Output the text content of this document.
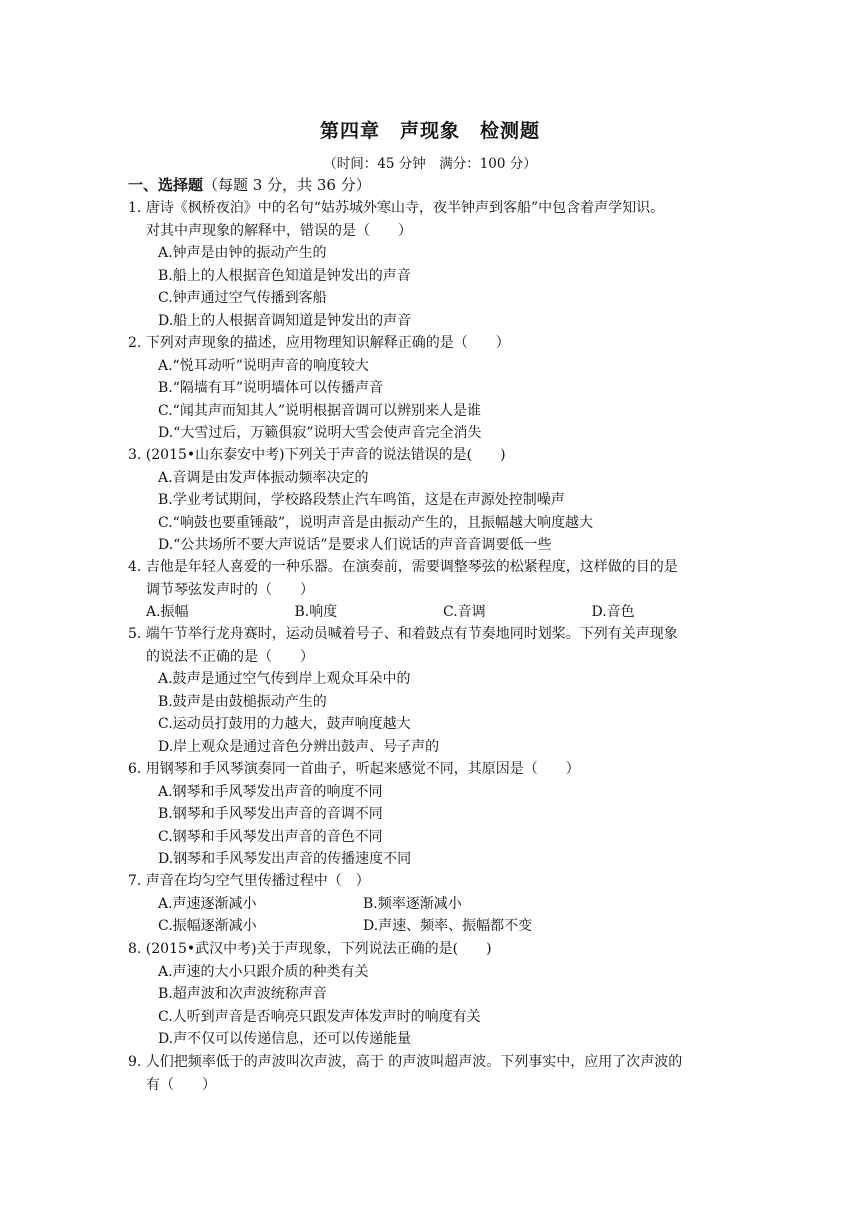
第四章　声现象　检测题
（时间：45 分钟　满分：100 分）
一、选择题（每题 3 分，共 36 分）
1. 唐诗《枫桥夜泊》中的名句“姑苏城外寒山寺，夜半钟声到客船”中包含着声学知识。
对其中声现象的解释中，错误的是（　　）
A.钟声是由钟的振动产生的
B.船上的人根据音色知道是钟发出的声音
C.钟声通过空气传播到客船
D.船上的人根据音调知道是钟发出的声音
2. 下列对声现象的描述，应用物理知识解释正确的是（　　）
A.“悦耳动听”说明声音的响度较大
B.“隔墙有耳”说明墙体可以传播声音
C.“闻其声而知其人”说明根据音调可以辨别来人是谁
D.“大雪过后，万籁俱寂”说明大雪会使声音完全消失
3. (2015•山东泰安中考)下列关于声音的说法错误的是(　　)
A.音调是由发声体振动频率决定的
B.学业考试期间，学校路段禁止汽车鸣笛，这是在声源处控制噪声
C.“响鼓也要重锤敲”，说明声音是由振动产生的，且振幅越大响度越大
D.“公共场所不要大声说话”是要求人们说话的声音音调要低一些
4. 吉他是年轻人喜爱的一种乐器。在演奏前，需要调整琴弦的松紧程度，这样做的目的是
调节琴弦发声时的（　　）
A.振幅	B.响度	C.音调	D.音色
5. 端午节举行龙舟赛时，运动员喊着号子、和着鼓点有节奏地同时划桨。下列有关声现象
的说法不正确的是（　　）
A.鼓声是通过空气传到岸上观众耳朵中的
B.鼓声是由鼓槌振动产生的
C.运动员打鼓用的力越大，鼓声响度越大
D.岸上观众是通过音色分辨出鼓声、号子声的
6. 用钢琴和手风琴演奏同一首曲子，听起来感觉不同，其原因是（　　）
A.钢琴和手风琴发出声音的响度不同
B.钢琴和手风琴发出声音的音调不同
C.钢琴和手风琴发出声音的音色不同
D.钢琴和手风琴发出声音的传播速度不同
7. 声音在均匀空气里传播过程中（　）
A.声速逐渐减小	B.频率逐渐减小
C.振幅逐渐减小	D.声速、频率、振幅都不变
8. (2015•武汉中考)关于声现象，下列说法正确的是(　　)
A.声速的大小只跟介质的种类有关
B.超声波和次声波统称声音
C.人听到声音是否响亮只跟发声体发声时的响度有关
D.声不仅可以传递信息，还可以传递能量
9. 人们把频率低于的声波叫次声波，高于 的声波叫超声波。下列事实中，应用了次声波的
有（　　）
